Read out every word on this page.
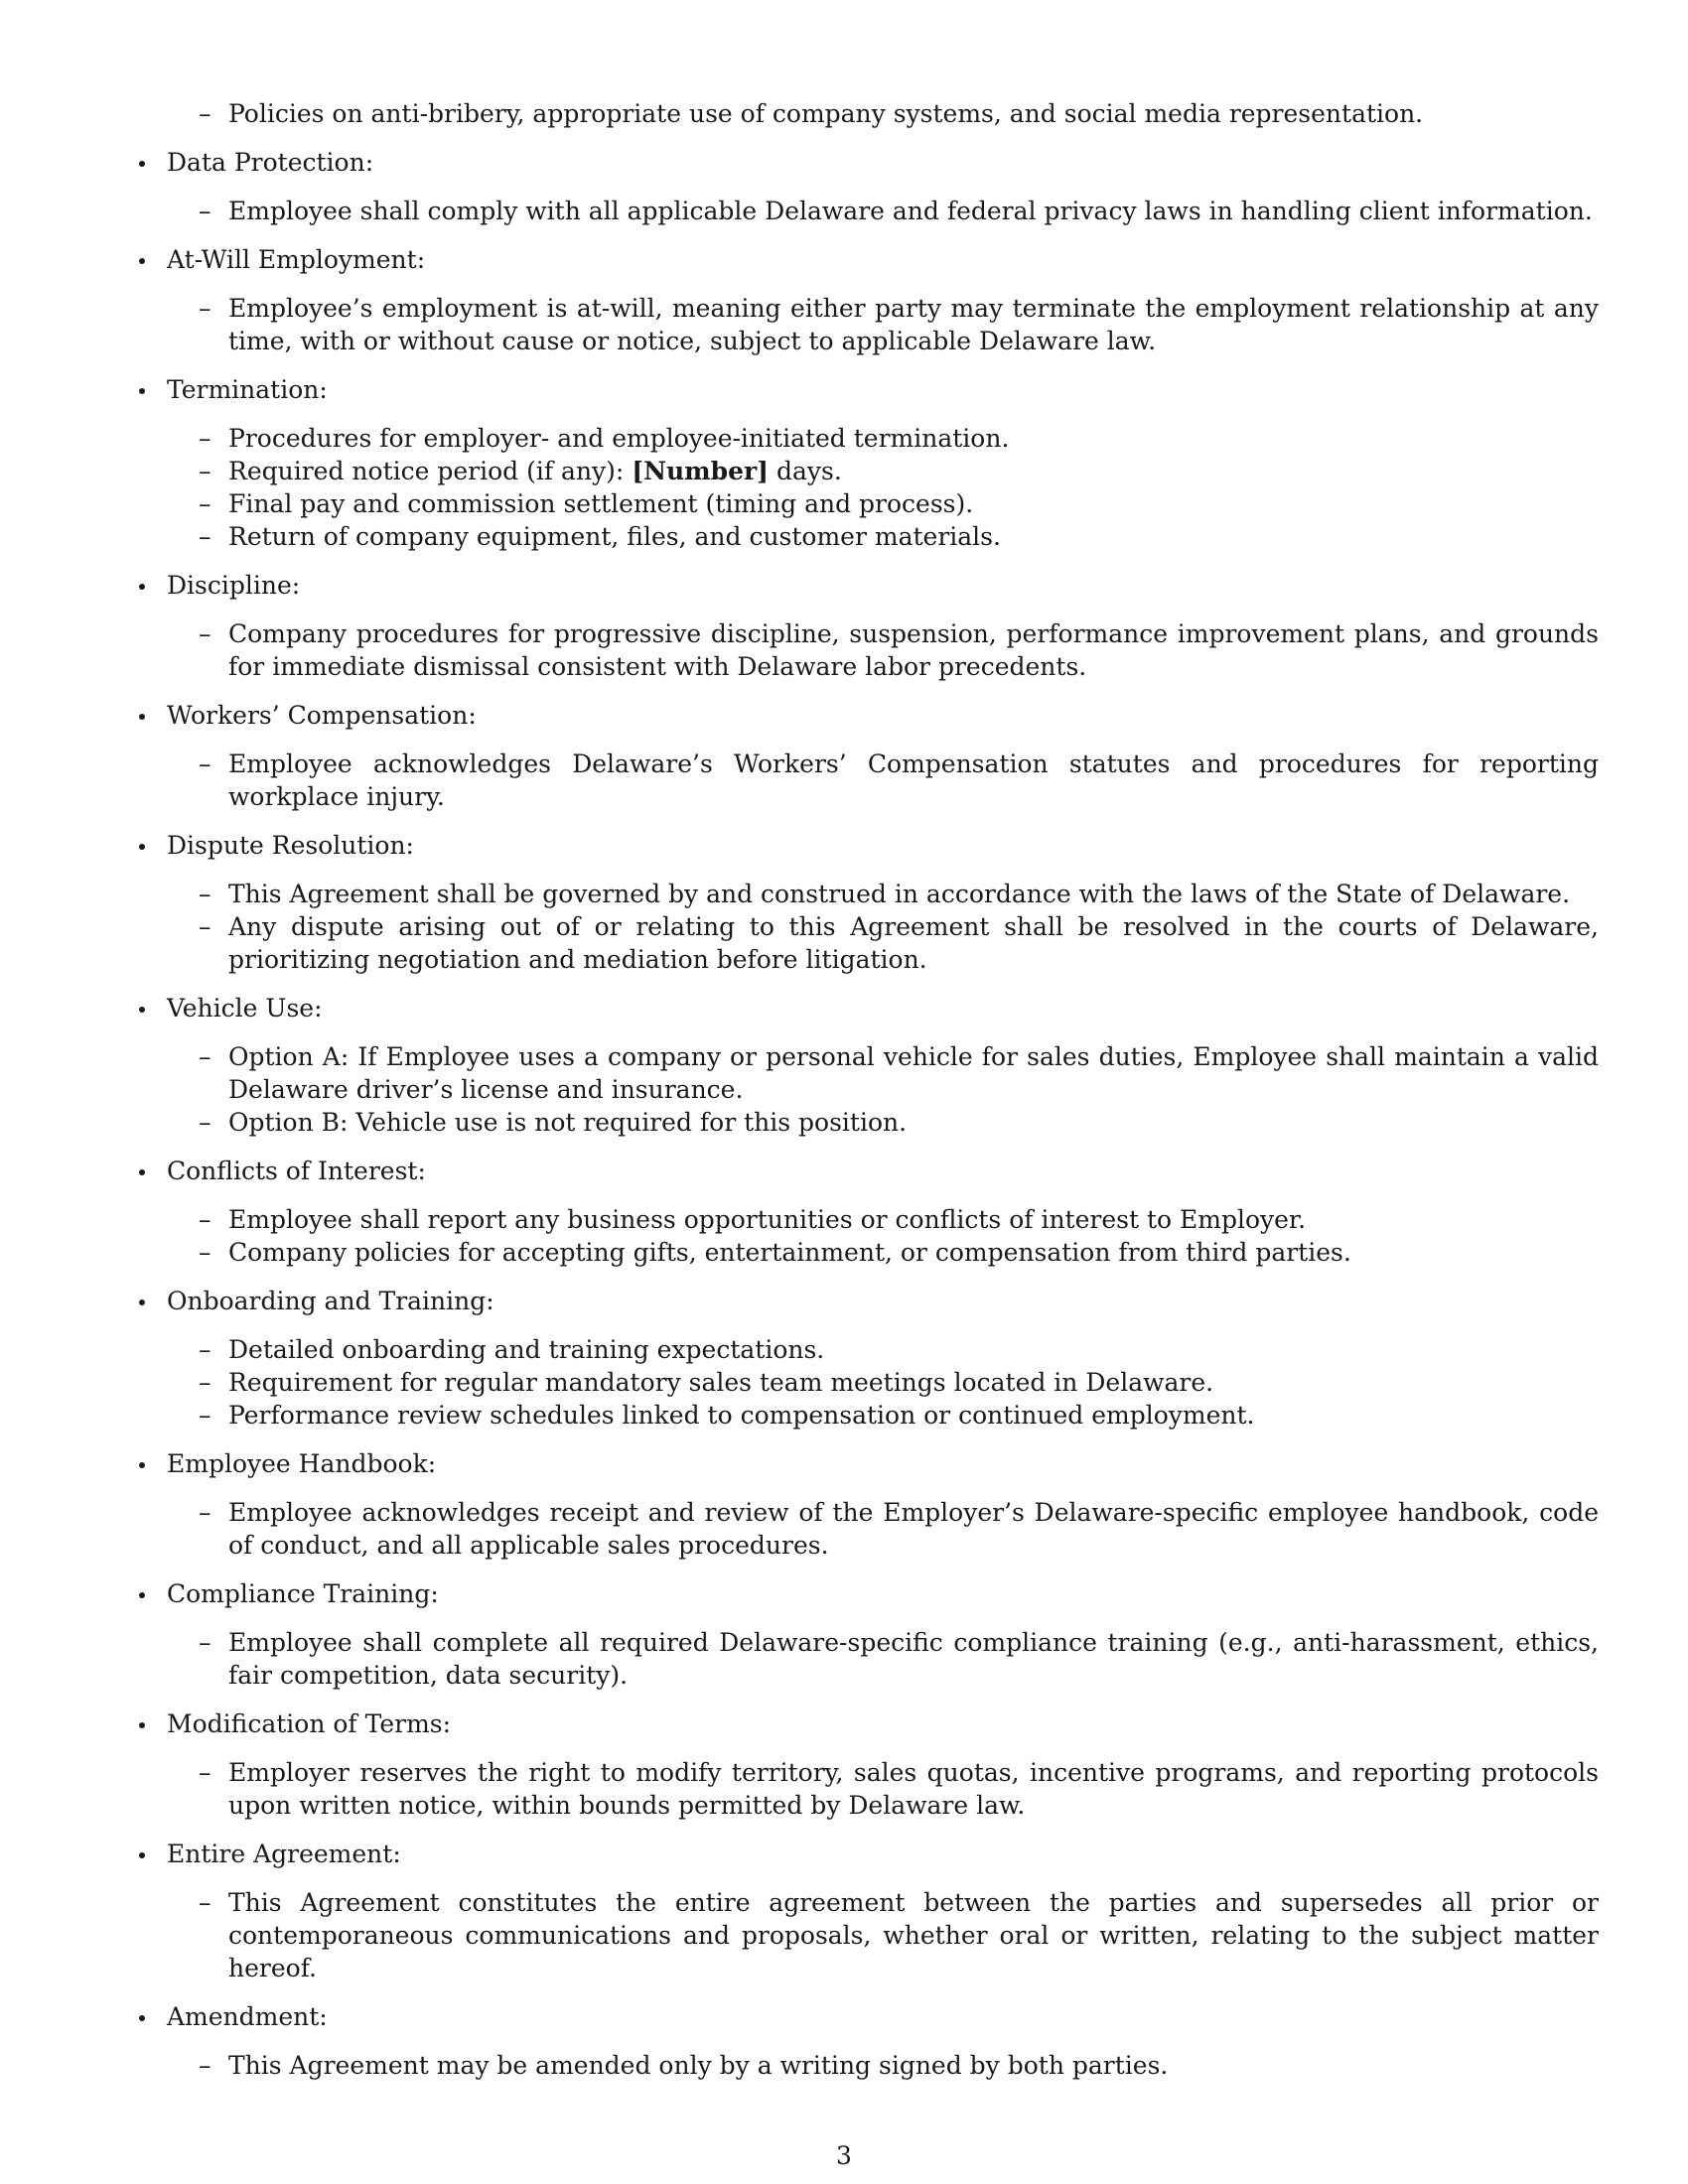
– Policies on anti-bribery, appropriate use of company systems, and social media representation.
Data Protection:
– Employee shall comply with all applicable Delaware and federal privacy laws in handling client information.
At-Will Employment:
– Employee’s employment is at-will, meaning either party may terminate the employment relationship at any time, with or without cause or notice, subject to applicable Delaware law.
Termination:
– Procedures for employer- and employee-initiated termination.
– Required notice period (if any): [Number] days.
– Final pay and commission settlement (timing and process).
– Return of company equipment, files, and customer materials.
Discipline:
– Company procedures for progressive discipline, suspension, performance improvement plans, and grounds for immediate dismissal consistent with Delaware labor precedents.
Workers’ Compensation:
– Employee acknowledges Delaware’s Workers’ Compensation statutes and procedures for reporting workplace injury.
Dispute Resolution:
– This Agreement shall be governed by and construed in accordance with the laws of the State of Delaware.
– Any dispute arising out of or relating to this Agreement shall be resolved in the courts of Delaware, prioritizing negotiation and mediation before litigation.
Vehicle Use:
– Option A: If Employee uses a company or personal vehicle for sales duties, Employee shall maintain a valid Delaware driver’s license and insurance.
– Option B: Vehicle use is not required for this position.
Conflicts of Interest:
– Employee shall report any business opportunities or conflicts of interest to Employer.
– Company policies for accepting gifts, entertainment, or compensation from third parties.
Onboarding and Training:
– Detailed onboarding and training expectations.
– Requirement for regular mandatory sales team meetings located in Delaware.
– Performance review schedules linked to compensation or continued employment.
Employee Handbook:
– Employee acknowledges receipt and review of the Employer’s Delaware-specific employee handbook, code of conduct, and all applicable sales procedures.
Compliance Training:
– Employee shall complete all required Delaware-specific compliance training (e.g., anti-harassment, ethics, fair competition, data security).
Modification of Terms:
– Employer reserves the right to modify territory, sales quotas, incentive programs, and reporting protocols upon written notice, within bounds permitted by Delaware law.
Entire Agreement:
– This Agreement constitutes the entire agreement between the parties and supersedes all prior or contemporaneous communications and proposals, whether oral or written, relating to the subject matter hereof.
Amendment:
– This Agreement may be amended only by a writing signed by both parties.
3
